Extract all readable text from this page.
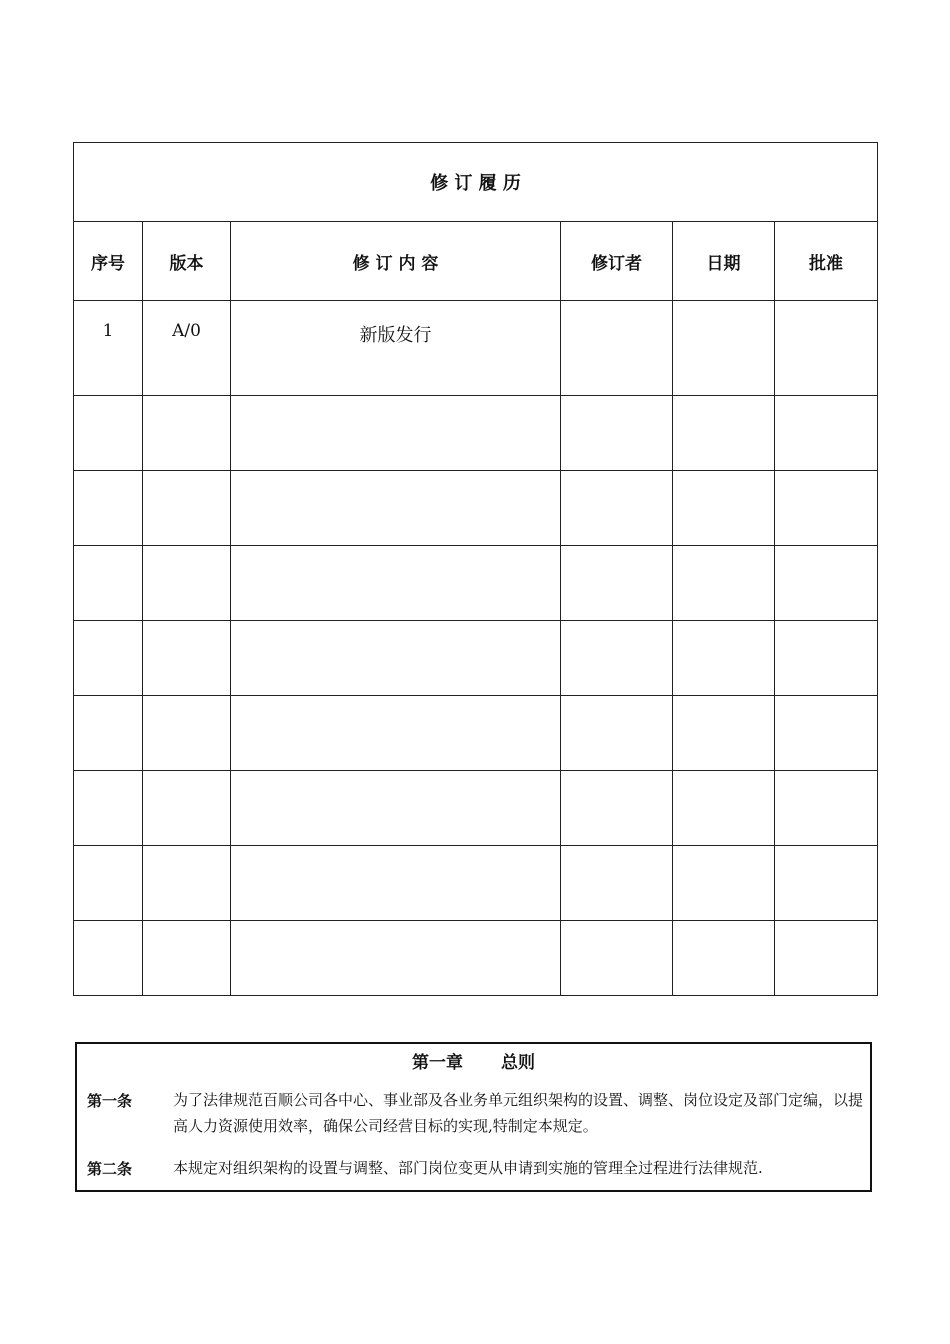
修 订 履 历					
序号	版本	修 订 内 容	修订者	日期	批准
1	A/0	新版发行			

第一章 总则
第一条	为了法律规范百顺公司各中心、事业部及各业务单元组织架构的设置、调整、岗位设定及部门定编，以提高人力资源使用效率，确保公司经营目标的实现,特制定本规定。
第二条	本规定对组织架构的设置与调整、部门岗位变更从申请到实施的管理全过程进行法律规范.
